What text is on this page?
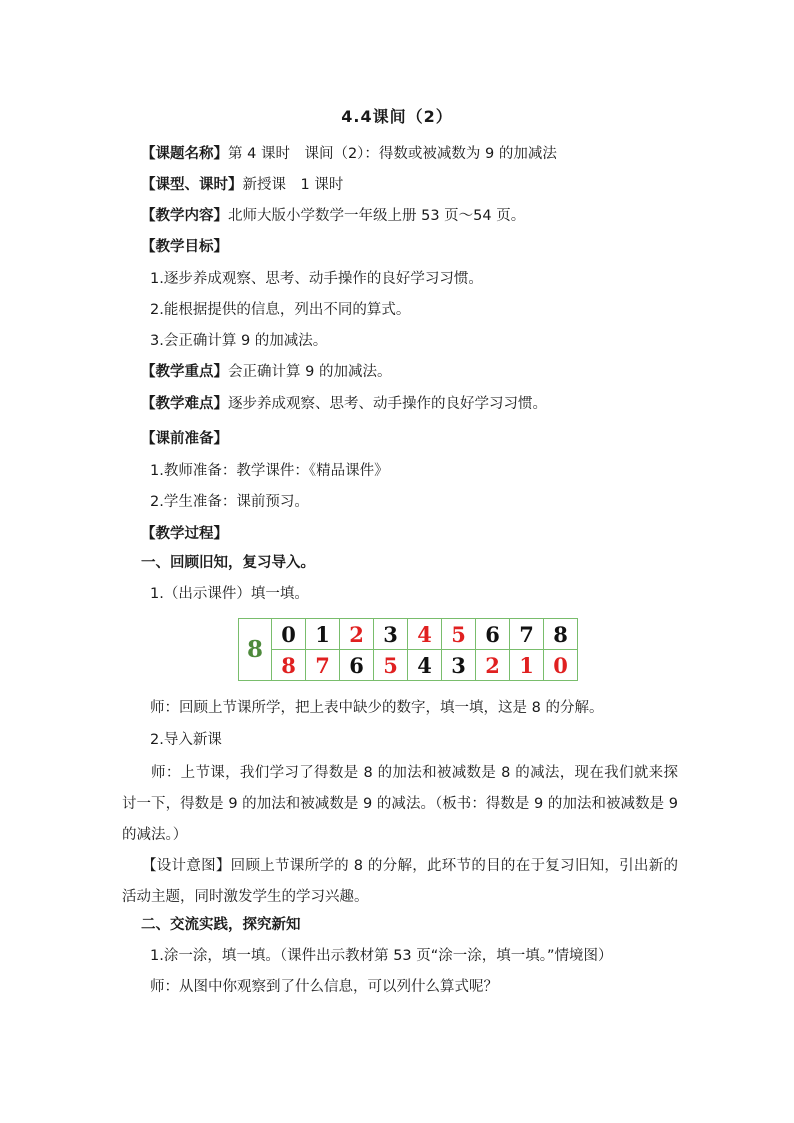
4.4课间（2）
【课题名称】第 4 课时　课间（2）：得数或被减数为 9 的加减法
【课型、课时】新授课　1 课时
【教学内容】北师大版小学数学一年级上册 53 页～54 页。
【教学目标】
1.逐步养成观察、思考、动手操作的良好学习习惯。
2.能根据提供的信息，列出不同的算式。
3.会正确计算 9 的加减法。
【教学重点】会正确计算 9 的加减法。
【教学难点】逐步养成观察、思考、动手操作的良好学习习惯。
【课前准备】
1.教师准备：教学课件：《精品课件》
2.学生准备：课前预习。
【教学过程】
一、回顾旧知，复习导入。
1.（出示课件）填一填。
8	0	1	2	3	4	5	6	7	8
	8	7	6	5	4	3	2	1	0
师：回顾上节课所学，把上表中缺少的数字，填一填，这是 8 的分解。
2.导入新课
师：上节课，我们学习了得数是 8 的加法和被减数是 8 的减法，现在我们就来探讨一下，得数是 9 的加法和被减数是 9 的减法。（板书：得数是 9 的加法和被减数是 9 的减法。）
【设计意图】回顾上节课所学的 8 的分解，此环节的目的在于复习旧知，引出新的活动主题，同时激发学生的学习兴趣。
二、交流实践，探究新知
1.涂一涂，填一填。（课件出示教材第 53 页“涂一涂，填一填。”情境图）
师：从图中你观察到了什么信息，可以列什么算式呢？
